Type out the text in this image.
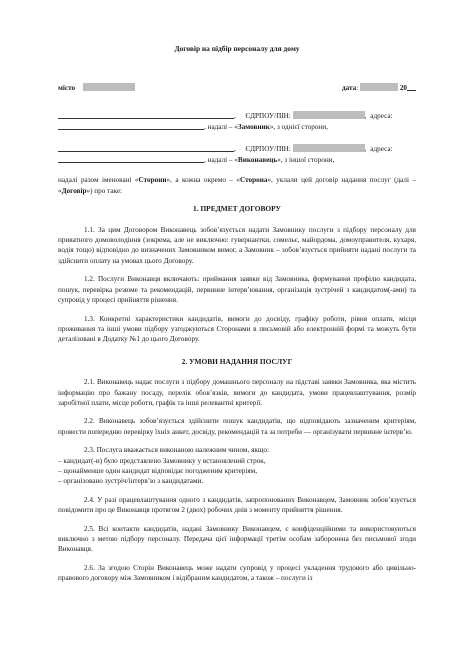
Договір на підбір персоналу для дому
місто	дата:	20
,  ЄДРПОУ/ПІН:	, адреса:
, надалі – «Замовник», з однієї сторони,
,  ЄДРПОУ/ПІН:	, адреса:
, надалі – «Виконавець», з іншої сторони,

надалі разом іменовані «Сторони», а кожна окремо – «Сторона», уклали цей договір надання послуг (далі – «Договір») про таке:

1. ПРЕДМЕТ ДОГОВОРУ

1.1. За цим Договором Виконавець зобов’язується надати Замовнику послуги з підбору персоналу для приватного домоволодіння (зокрема, але не виключно: гувернантки, сомельє, майордома, домоуправителя, кухаря, водія тощо) відповідно до визначених Замовником вимог, а Замовник – зобов’язується прийняти надані послуги та здійснити оплату на умовах цього Договору.

1.2. Послуги Виконавця включають: приймання заявки від Замовника, формування профілю кандидата, пошук, перевірка резюме та рекомендацій, первинне інтерв’ювання, організація зустрічей з кандидатом(-ами) та супровід у процесі прийняття рішення.

1.3. Конкретні характеристики кандидатів, вимоги до досвіду, графіку роботи, рівня оплати, місця проживання та інші умови підбору узгоджуються Сторонами в письмовій або електронній формі та можуть бути деталізовані в Додатку №1 до цього Договору.

2. УМОВИ НАДАННЯ ПОСЛУГ

2.1. Виконавець надає послуги з підбору домашнього персоналу на підставі заявки Замовника, яка містить інформацію про бажану посаду, перелік обов’язків, вимоги до кандидата, умови працевлаштування, розмір заробітної плати, місце роботи, графік та інші релевантні критерії.

2.2. Виконавець зобов’язується здійснити пошук кандидатів, що відповідають зазначеним критеріям, провести попередню перевірку їхніх анкет, досвіду, рекомендацій та за потреби — організувати первинне інтерв’ю.

2.3. Послуга вважається виконаною належним чином, якщо:
– кандидат(-и) було представлено Замовнику у встановлений строк,
– щонайменше один кандидат відповідає погодженим критеріям,
– організовано зустріч/інтерв’ю з кандидатами.

2.4. У разі працевлаштування одного з кандидатів, запропонованих Виконавцем, Замовник зобов’язується повідомити про це Виконавця протягом 2 (двох) робочих днів з моменту прийняття рішення.

2.5. Всі контакти кандидатів, надані Замовнику Виконавцем, є конфіденційними та використовуються виключно з метою підбору персоналу. Передача цієї інформації третім особам заборонена без письмової згоди Виконавця.

2.6. За згодою Сторін Виконавець може надати супровід у процесі укладення трудового або цивільно-правового договору між Замовником і відібраним кандидатом, а також – послуги із
